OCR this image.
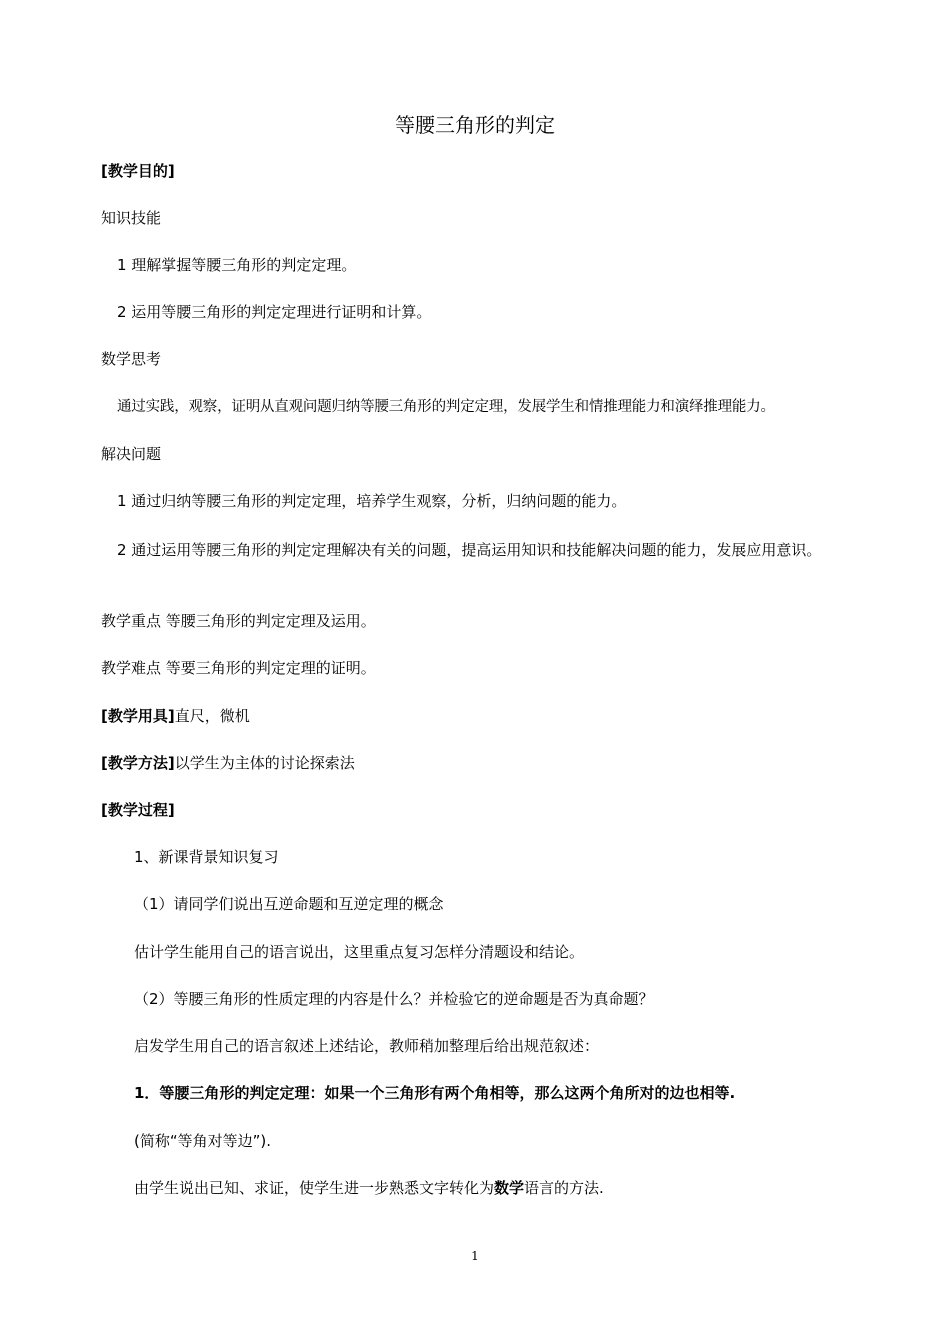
等腰三角形的判定
[教学目的]
知识技能
1 理解掌握等腰三角形的判定定理。
2 运用等腰三角形的判定定理进行证明和计算。
数学思考
通过实践，观察，证明从直观问题归纳等腰三角形的判定定理，发展学生和情推理能力和演绎推理能力。
解决问题
1 通过归纳等腰三角形的判定定理，培养学生观察，分析，归纳问题的能力。
2 通过运用等腰三角形的判定定理解决有关的问题，提高运用知识和技能解决问题的能力，发展应用意识。
教学重点 等腰三角形的判定定理及运用。
教学难点 等要三角形的判定定理的证明。
[教学用具]直尺，微机
[教学方法]以学生为主体的讨论探索法
[教学过程]
1、新课背景知识复习
（1）请同学们说出互逆命题和互逆定理的概念
估计学生能用自己的语言说出，这里重点复习怎样分清题设和结论。
（2）等腰三角形的性质定理的内容是什么？并检验它的逆命题是否为真命题？
启发学生用自己的语言叙述上述结论，教师稍加整理后给出规范叙述：
1．等腰三角形的判定定理：如果一个三角形有两个角相等，那么这两个角所对的边也相等.
(简称“等角对等边”).
由学生说出已知、求证，使学生进一步熟悉文字转化为数学语言的方法.
1
